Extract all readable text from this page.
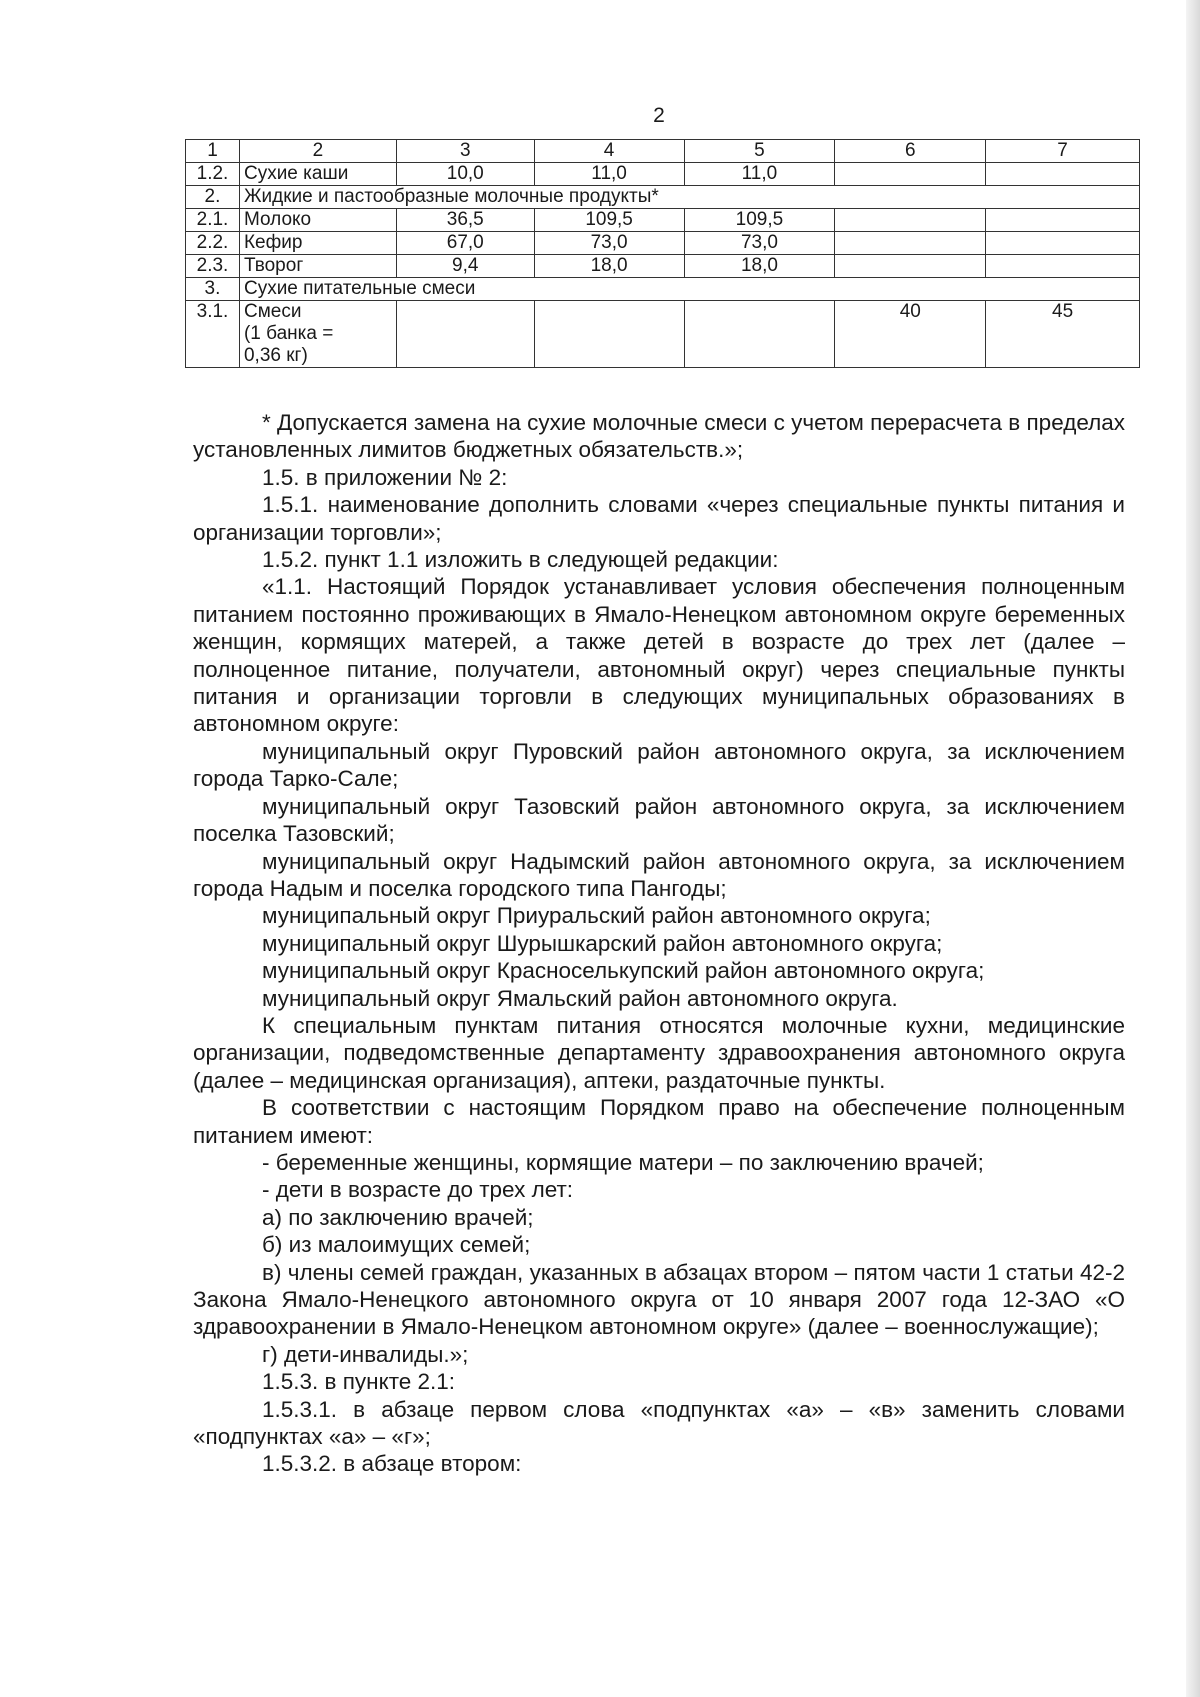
2
1	2	3	4	5	6	7
1.2.	Сухие каши	10,0	11,0	11,0		
2.	Жидкие и пастообразные молочные продукты*					
2.1.	Молоко	36,5	109,5	109,5		
2.2.	Кефир	67,0	73,0	73,0		
2.3.	Творог	9,4	18,0	18,0		
3.	Сухие питательные смеси					
3.1.	Смеси
(1 банка =
0,36 кг)				40	45

* Допускается замена на сухие молочные смеси с учетом перерасчета в пределах установленных лимитов бюджетных обязательств.»;

1.5. в приложении № 2:

1.5.1. наименование дополнить словами «через специальные пункты питания и организации торговли»;

1.5.2. пункт 1.1 изложить в следующей редакции:

«1.1. Настоящий Порядок устанавливает условия обеспечения полноценным питанием постоянно проживающих в Ямало-Ненецком автономном округе беременных женщин, кормящих матерей, а также детей в возрасте до трех лет (далее – полноценное питание, получатели, автономный округ) через специальные пункты питания и организации торговли в следующих муниципальных образованиях в автономном округе:

муниципальный округ Пуровский район автономного округа, за исключением города Тарко-Сале;

муниципальный округ Тазовский район автономного округа, за исключением поселка Тазовский;

муниципальный округ Надымский район автономного округа, за исключением города Надым и поселка городского типа Пангоды;

муниципальный округ Приуральский район автономного округа;

муниципальный округ Шурышкарский район автономного округа;

муниципальный округ Красноселькупский район автономного округа;

муниципальный округ Ямальский район автономного округа.

К специальным пунктам питания относятся молочные кухни, медицинские организации, подведомственные департаменту здравоохранения автономного округа (далее – медицинская организация), аптеки, раздаточные пункты.

В соответствии с настоящим Порядком право на обеспечение полноценным питанием имеют:

- беременные женщины, кормящие матери – по заключению врачей;

- дети в возрасте до трех лет:

а) по заключению врачей;

б) из малоимущих семей;

в) члены семей граждан, указанных в абзацах втором – пятом части 1 статьи 42-2 Закона Ямало-Ненецкого автономного округа от 10 января 2007 года 12-ЗАО «О здравоохранении в Ямало-Ненецком автономном округе» (далее – военнослужащие);

г) дети-инвалиды.»;

1.5.3. в пункте 2.1:

1.5.3.1. в абзаце первом слова «подпунктах «а» – «в» заменить словами «подпунктах «а» – «г»;

1.5.3.2. в абзаце втором:
